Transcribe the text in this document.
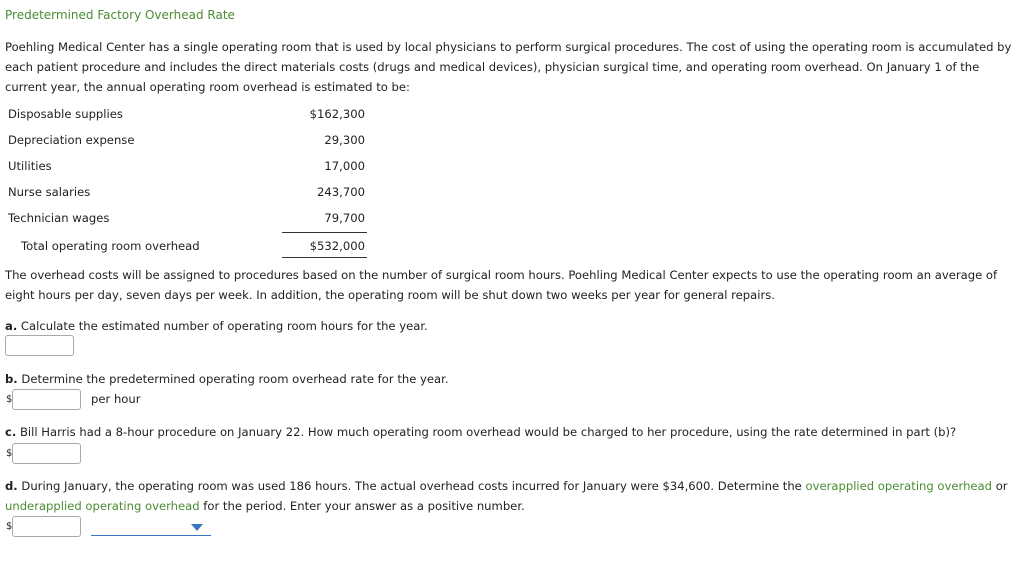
Predetermined Factory Overhead Rate
Poehling Medical Center has a single operating room that is used by local physicians to perform surgical procedures. The cost of using the operating room is accumulated by each patient procedure and includes the direct materials costs (drugs and medical devices), physician surgical time, and operating room overhead. On January 1 of the current year, the annual operating room overhead is estimated to be:
Disposable supplies	$162,300
Depreciation expense	29,300
Utilities	17,000
Nurse salaries	243,700
Technician wages	79,700
Total operating room overhead	$532,000
The overhead costs will be assigned to procedures based on the number of surgical room hours. Poehling Medical Center expects to use the operating room an average of eight hours per day, seven days per week. In addition, the operating room will be shut down two weeks per year for general repairs.
a. Calculate the estimated number of operating room hours for the year.
b. Determine the predetermined operating room overhead rate for the year.
$	per hour
c. Bill Harris had a 8-hour procedure on January 22. How much operating room overhead would be charged to her procedure, using the rate determined in part (b)?
$
d. During January, the operating room was used 186 hours. The actual overhead costs incurred for January were $34,600. Determine the overapplied operating overhead or underapplied operating overhead for the period. Enter your answer as a positive number.
$
